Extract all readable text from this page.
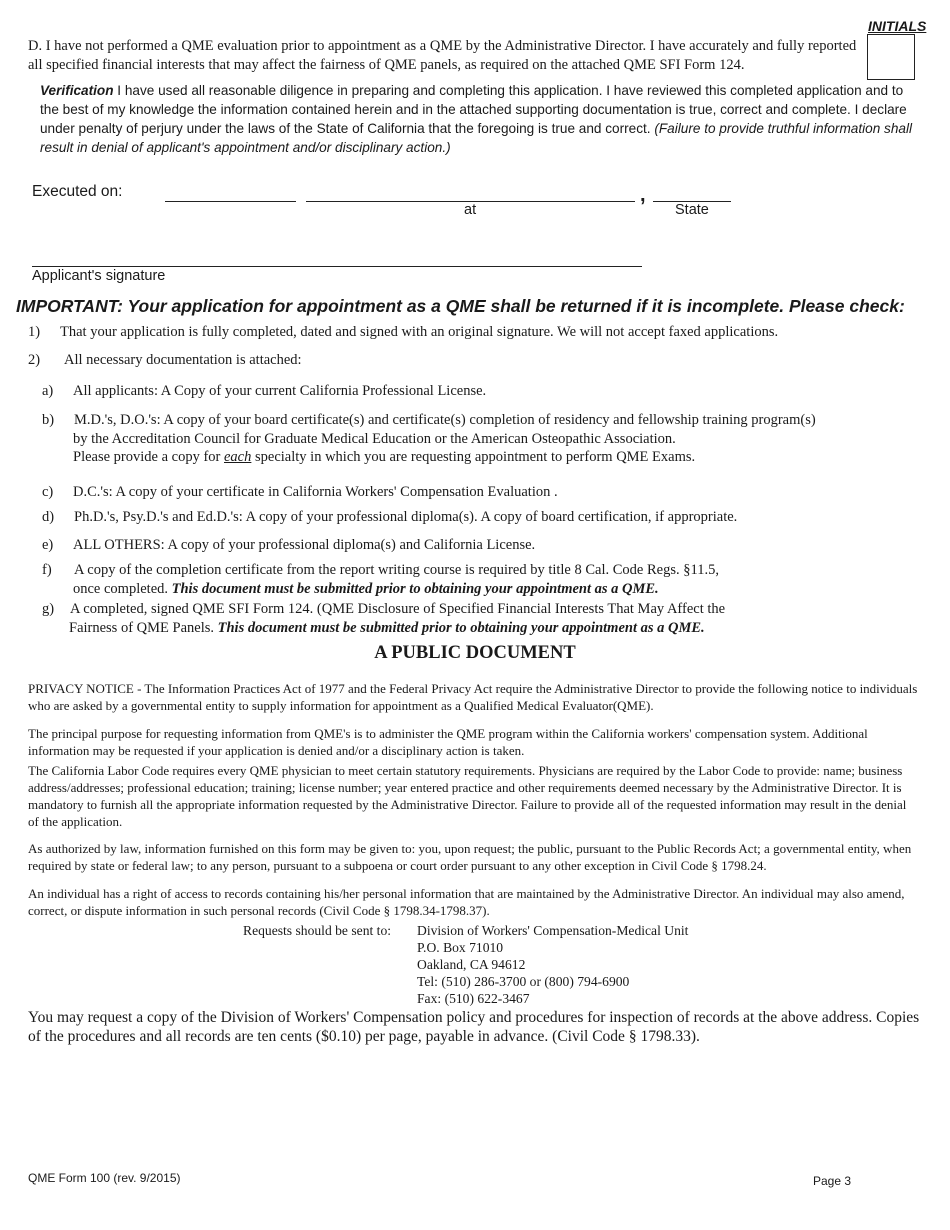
INITIALS
D. I have not performed a QME evaluation prior to appointment as a QME by the Administrative Director. I have accurately and fully reported all specified financial interests that may affect the fairness of QME panels, as required on the attached QME SFI Form 124.
Verification I have used all reasonable diligence in preparing and completing this application. I have reviewed this completed application and to the best of my knowledge the information contained herein and in the attached supporting documentation is true, correct and complete. I declare under penalty of perjury under the laws of the State of California that the foregoing is true and correct. (Failure to provide truthful information shall result in denial of applicant's appointment and/or disciplinary action.)
Executed on:
at
,
State
Applicant's signature
IMPORTANT: Your application for appointment as a QME shall be returned if it is incomplete. Please check:
1) That your application is fully completed, dated and signed with an original signature. We will not accept faxed applications.
2) All necessary documentation is attached:
a) All applicants: A Copy of your current California Professional License.
b) M.D.'s, D.O.'s: A copy of your board certificate(s) and certificate(s) completion of residency and fellowship training program(s)
by the Accreditation Council for Graduate Medical Education or the American Osteopathic Association.
Please provide a copy for each specialty in which you are requesting appointment to perform QME Exams.
c) D.C.'s: A copy of your certificate in California Workers' Compensation Evaluation .
d) Ph.D.'s, Psy.D.'s and Ed.D.'s: A copy of your professional diploma(s). A copy of board certification, if appropriate.
e) ALL OTHERS: A copy of your professional diploma(s) and California License.
f) A copy of the completion certificate from the report writing course is required by title 8 Cal. Code Regs. §11.5,
once completed. This document must be submitted prior to obtaining your appointment as a QME.
g) A completed, signed QME SFI Form 124. (QME Disclosure of Specified Financial Interests That May Affect the
Fairness of QME Panels. This document must be submitted prior to obtaining your appointment as a QME.
A PUBLIC DOCUMENT
PRIVACY NOTICE - The Information Practices Act of 1977 and the Federal Privacy Act require the Administrative Director to provide the following notice to individuals who are asked by a governmental entity to supply information for appointment as a Qualified Medical Evaluator(QME).
The principal purpose for requesting information from QME's is to administer the QME program within the California workers' compensation system. Additional information may be requested if your application is denied and/or a disciplinary action is taken.
The California Labor Code requires every QME physician to meet certain statutory requirements. Physicians are required by the Labor Code to provide: name; business address/addresses; professional education; training; license number; year entered practice and other requirements deemed necessary by the Administrative Director. It is mandatory to furnish all the appropriate information requested by the Administrative Director. Failure to provide all of the requested information may result in the denial of the application.
As authorized by law, information furnished on this form may be given to: you, upon request; the public, pursuant to the Public Records Act; a governmental entity, when required by state or federal law; to any person, pursuant to a subpoena or court order pursuant to any other exception in Civil Code § 1798.24.
An individual has a right of access to records containing his/her personal information that are maintained by the Administrative Director. An individual may also amend, correct, or dispute information in such personal records (Civil Code § 1798.34-1798.37).
Requests should be sent to: Division of Workers' Compensation-Medical Unit
P.O. Box 71010
Oakland, CA 94612
Tel: (510) 286-3700 or (800) 794-6900
Fax: (510) 622-3467
You may request a copy of the Division of Workers' Compensation policy and procedures for inspection of records at the above address. Copies of the procedures and all records are ten cents ($0.10) per page, payable in advance. (Civil Code § 1798.33).
QME Form 100 (rev. 9/2015)	Page 3
